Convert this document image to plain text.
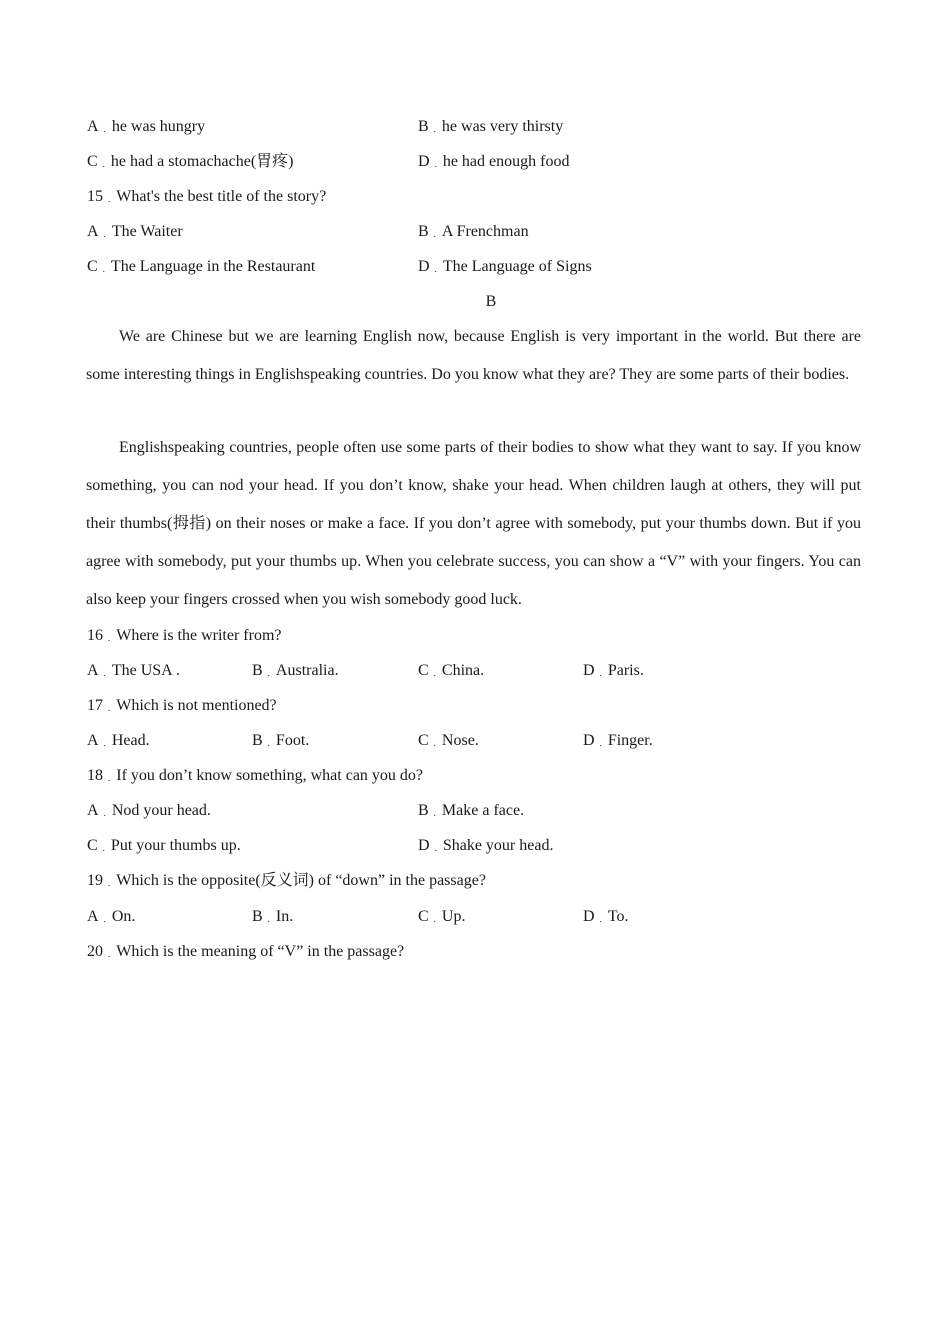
A . he was hungry	B . he was very thirsty
C . he had a stomachache(胃疼)	D . he had enough food
15 . What's the best title of the story?
A . The Waiter	B . A Frenchman
C . The Language in the Restaurant	D . The Language of Signs
B
We are Chinese but we are learning English now, because English is very important in the world. But there are some interesting things in Englishspeaking countries. Do you know what they are? They are some parts of their bodies.
Englishspeaking countries, people often use some parts of their bodies to show what they want to say. If you know something, you can nod your head. If you don’t know, shake your head. When children laugh at others, they will put their thumbs(拇指) on their noses or make a face. If you don’t agree with somebody, put your thumbs down. But if you agree with somebody, put your thumbs up. When you celebrate success, you can show a “V” with your fingers. You can also keep your fingers crossed when you wish somebody good luck.
16 . Where is the writer from?
A . The USA .	B . Australia.	C . China.	D . Paris.
17 . Which is not mentioned?
A . Head.	B . Foot.	C . Nose.	D . Finger.
18 . If you don’t know something, what can you do?
A . Nod your head.	B . Make a face.
C . Put your thumbs up.	D . Shake your head.
19 . Which is the opposite(反义词) of “down” in the passage?
A . On.	B . In.	C . Up.	D . To.
20 . Which is the meaning of “V” in the passage?
